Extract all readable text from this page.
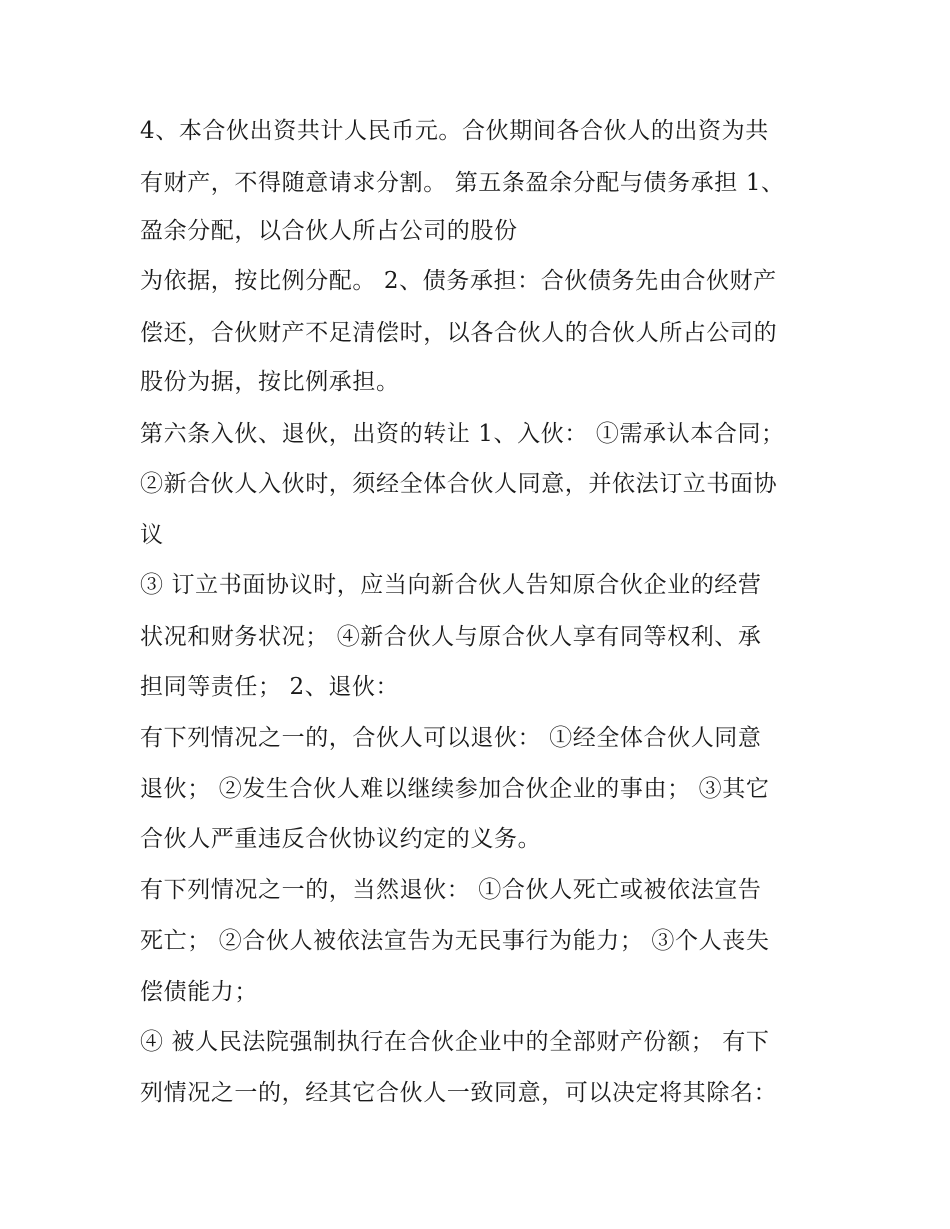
4、本合伙出资共计人民币元。合伙期间各合伙人的出资为共
有财产，不得随意请求分割。 第五条盈余分配与债务承担 1、
盈余分配，以合伙人所占公司的股份
为依据，按比例分配。 2、债务承担：合伙债务先由合伙财产
偿还，合伙财产不足清偿时，以各合伙人的合伙人所占公司的
股份为据，按比例承担。
第六条入伙、退伙，出资的转让 1、入伙： ①需承认本合同；
②新合伙人入伙时，须经全体合伙人同意，并依法订立书面协
议
③ 订立书面协议时，应当向新合伙人告知原合伙企业的经营
状况和财务状况； ④新合伙人与原合伙人享有同等权利、承
担同等责任； 2、退伙：
有下列情况之一的，合伙人可以退伙： ①经全体合伙人同意
退伙； ②发生合伙人难以继续参加合伙企业的事由； ③其它
合伙人严重违反合伙协议约定的义务。
有下列情况之一的，当然退伙： ①合伙人死亡或被依法宣告
死亡； ②合伙人被依法宣告为无民事行为能力； ③个人丧失
偿债能力；
④ 被人民法院强制执行在合伙企业中的全部财产份额； 有下
列情况之一的，经其它合伙人一致同意，可以决定将其除名：
